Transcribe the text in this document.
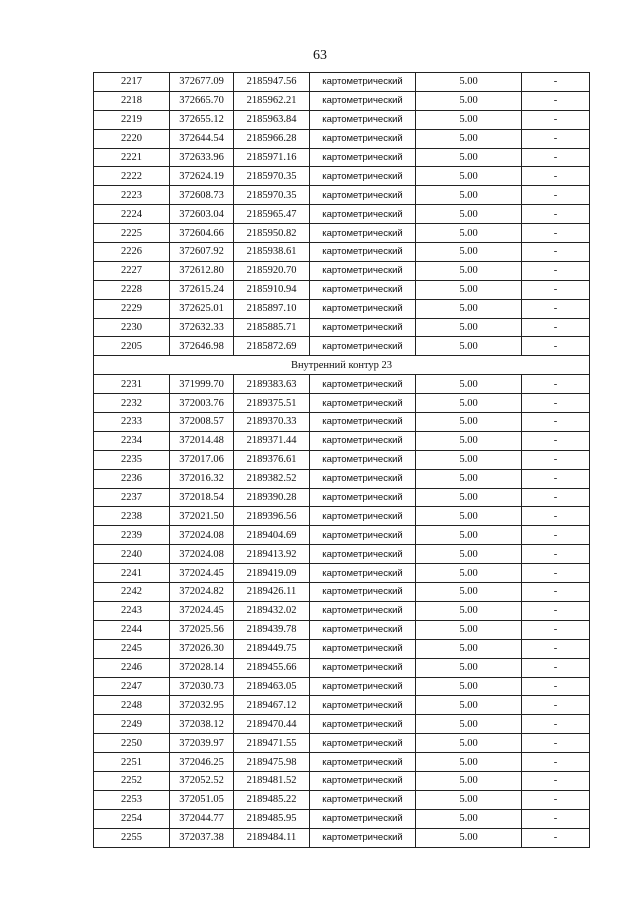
63
2217	372677.09	2185947.56	картометрический	5.00	-
2218	372665.70	2185962.21	картометрический	5.00	-
2219	372655.12	2185963.84	картометрический	5.00	-
2220	372644.54	2185966.28	картометрический	5.00	-
2221	372633.96	2185971.16	картометрический	5.00	-
2222	372624.19	2185970.35	картометрический	5.00	-
2223	372608.73	2185970.35	картометрический	5.00	-
2224	372603.04	2185965.47	картометрический	5.00	-
2225	372604.66	2185950.82	картометрический	5.00	-
2226	372607.92	2185938.61	картометрический	5.00	-
2227	372612.80	2185920.70	картометрический	5.00	-
2228	372615.24	2185910.94	картометрический	5.00	-
2229	372625.01	2185897.10	картометрический	5.00	-
2230	372632.33	2185885.71	картометрический	5.00	-
2205	372646.98	2185872.69	картометрический	5.00	-
Внутренний контур 23					
2231	371999.70	2189383.63	картометрический	5.00	-
2232	372003.76	2189375.51	картометрический	5.00	-
2233	372008.57	2189370.33	картометрический	5.00	-
2234	372014.48	2189371.44	картометрический	5.00	-
2235	372017.06	2189376.61	картометрический	5.00	-
2236	372016.32	2189382.52	картометрический	5.00	-
2237	372018.54	2189390.28	картометрический	5.00	-
2238	372021.50	2189396.56	картометрический	5.00	-
2239	372024.08	2189404.69	картометрический	5.00	-
2240	372024.08	2189413.92	картометрический	5.00	-
2241	372024.45	2189419.09	картометрический	5.00	-
2242	372024.82	2189426.11	картометрический	5.00	-
2243	372024.45	2189432.02	картометрический	5.00	-
2244	372025.56	2189439.78	картометрический	5.00	-
2245	372026.30	2189449.75	картометрический	5.00	-
2246	372028.14	2189455.66	картометрический	5.00	-
2247	372030.73	2189463.05	картометрический	5.00	-
2248	372032.95	2189467.12	картометрический	5.00	-
2249	372038.12	2189470.44	картометрический	5.00	-
2250	372039.97	2189471.55	картометрический	5.00	-
2251	372046.25	2189475.98	картометрический	5.00	-
2252	372052.52	2189481.52	картометрический	5.00	-
2253	372051.05	2189485.22	картометрический	5.00	-
2254	372044.77	2189485.95	картометрический	5.00	-
2255	372037.38	2189484.11	картометрический	5.00	-
